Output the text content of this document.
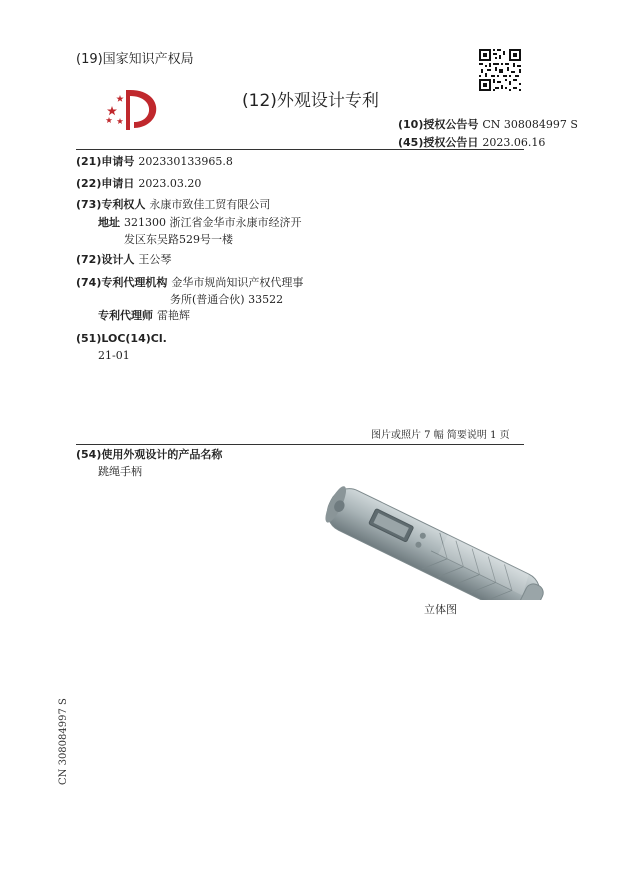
(19)国家知识产权局
(12)外观设计专利
(10)授权公告号 CN 308084997 S
(45)授权公告日 2023.06.16
(21)申请号 202330133965.8
(22)申请日 2023.03.20
(73)专利权人 永康市致佳工贸有限公司
地址 321300 浙江省金华市永康市经济开
发区东吴路529号一楼
(72)设计人 王公琴
(74)专利代理机构 金华市规尚知识产权代理事
务所(普通合伙) 33522
专利代理师 雷艳辉
(51)LOC(14)Cl.
21-01
图片或照片 7 幅 简要说明 1 页
(54)使用外观设计的产品名称
跳绳手柄
立体图
CN 308084997 S
